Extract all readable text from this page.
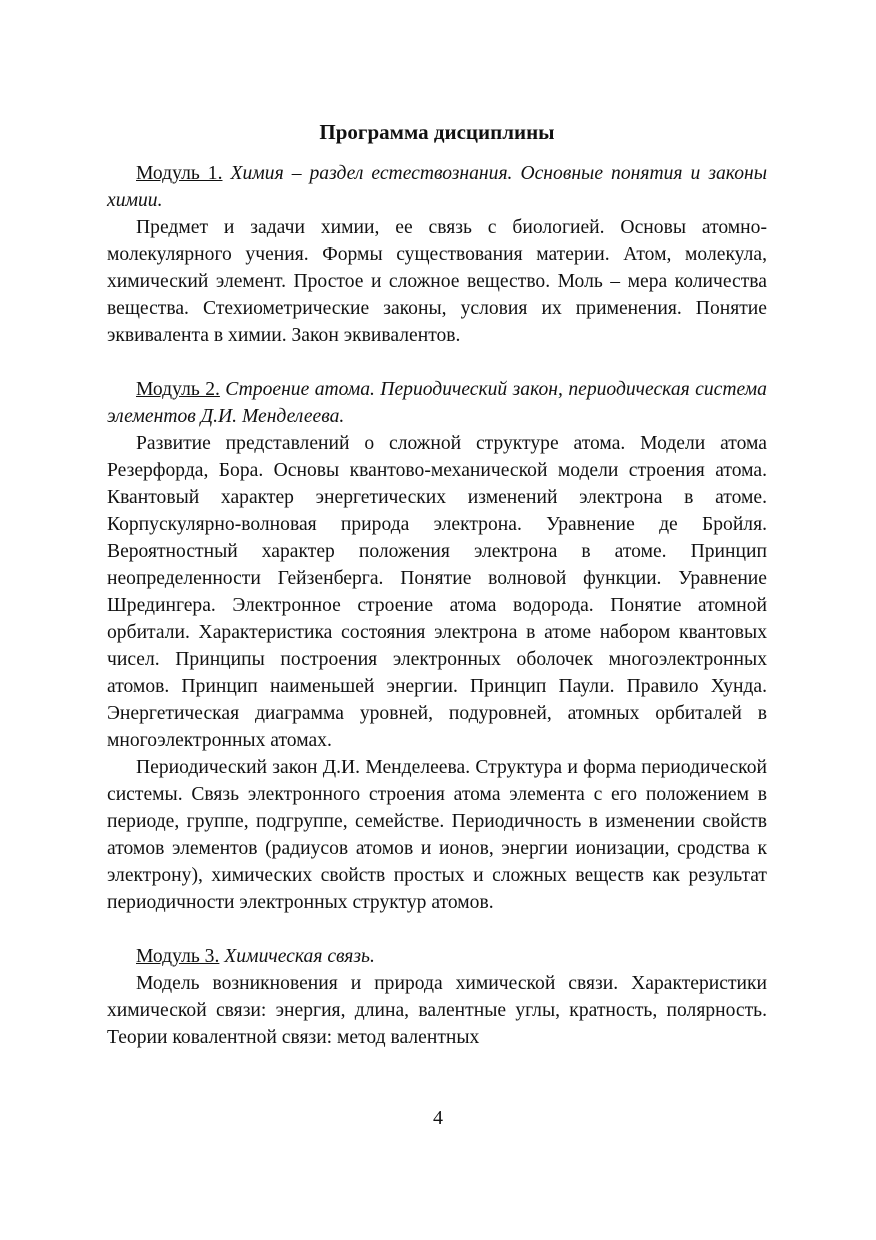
Программа дисциплины

Модуль 1. Химия – раздел естествознания. Основные понятия и законы химии.

Предмет и задачи химии, ее связь с биологией. Основы атомно-молекулярного учения. Формы существования материи. Атом, молекула, химический элемент. Простое и сложное вещество. Моль – мера количества вещества. Стехиометрические законы, условия их применения. Понятие эквивалента в химии. Закон эквивалентов.

Модуль 2. Строение атома. Периодический закон, периодическая система элементов Д.И. Менделеева.

Развитие представлений о сложной структуре атома. Модели атома Резерфорда, Бора. Основы квантово-механической модели строения атома. Квантовый характер энергетических изменений электрона в атоме. Корпускулярно-волновая природа электрона. Уравнение де Бройля. Вероятностный характер положения электрона в атоме. Принцип неопределенности Гейзенберга. Понятие волновой функции. Уравнение Шредингера. Электронное строение атома водорода. Понятие атомной орбитали. Характеристика состояния электрона в атоме набором квантовых чисел. Принципы построения электронных оболочек многоэлектронных атомов. Принцип наименьшей энергии. Принцип Паули. Правило Хунда. Энергетическая диаграмма уровней, подуровней, атомных орбиталей в многоэлектронных атомах.

Периодический закон Д.И. Менделеева. Структура и форма периодической системы. Связь электронного строения атома элемента с его положением в периоде, группе, подгруппе, семействе. Периодичность в изменении свойств атомов элементов (радиусов атомов и ионов, энергии ионизации, сродства к электрону), химических свойств простых и сложных веществ как результат периодичности электронных структур атомов.

Модуль 3. Химическая связь.

Модель возникновения и природа химической связи. Характеристики химической связи: энергия, длина, валентные углы, кратность, полярность. Теории ковалентной связи: метод валентных

4
